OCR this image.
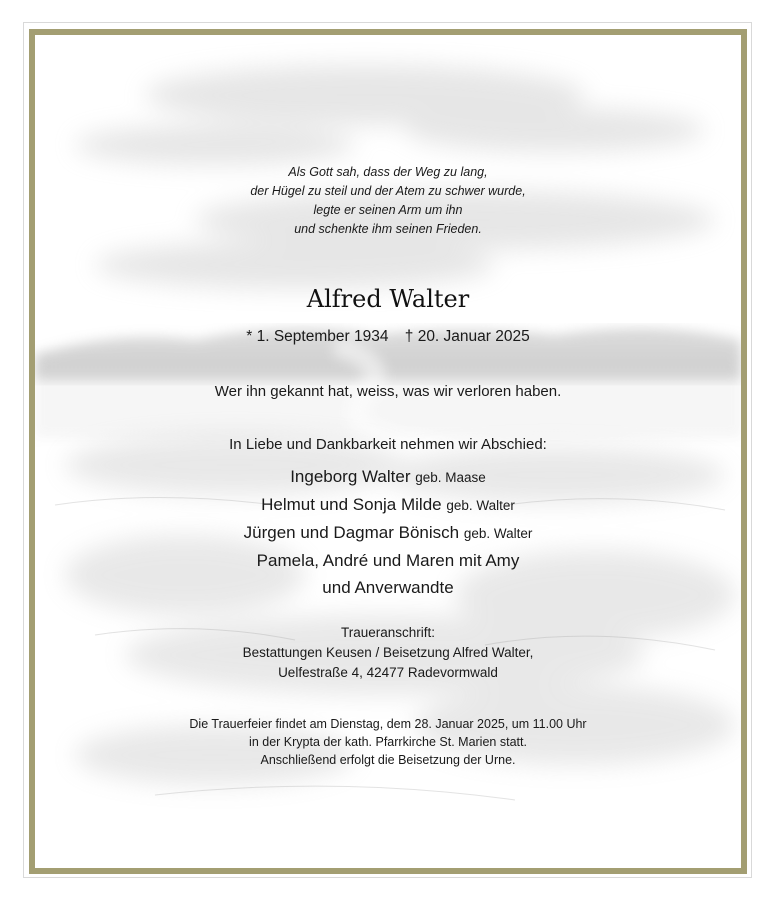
Als Gott sah, dass der Weg zu lang,
der Hügel zu steil und der Atem zu schwer wurde,
legte er seinen Arm um ihn
und schenkte ihm seinen Frieden.
Alfred Walter
* 1. September 1934 † 20. Januar 2025
Wer ihn gekannt hat, weiss, was wir verloren haben.
In Liebe und Dankbarkeit nehmen wir Abschied:
Ingeborg Walter geb. Maase
Helmut und Sonja Milde geb. Walter
Jürgen und Dagmar Bönisch geb. Walter
Pamela, André und Maren mit Amy
und Anverwandte
Traueranschrift:
Bestattungen Keusen / Beisetzung Alfred Walter,
Uelfestraße 4, 42477 Radevormwald
Die Trauerfeier findet am Dienstag, dem 28. Januar 2025, um 11.00 Uhr
in der Krypta der kath. Pfarrkirche St. Marien statt.
Anschließend erfolgt die Beisetzung der Urne.
